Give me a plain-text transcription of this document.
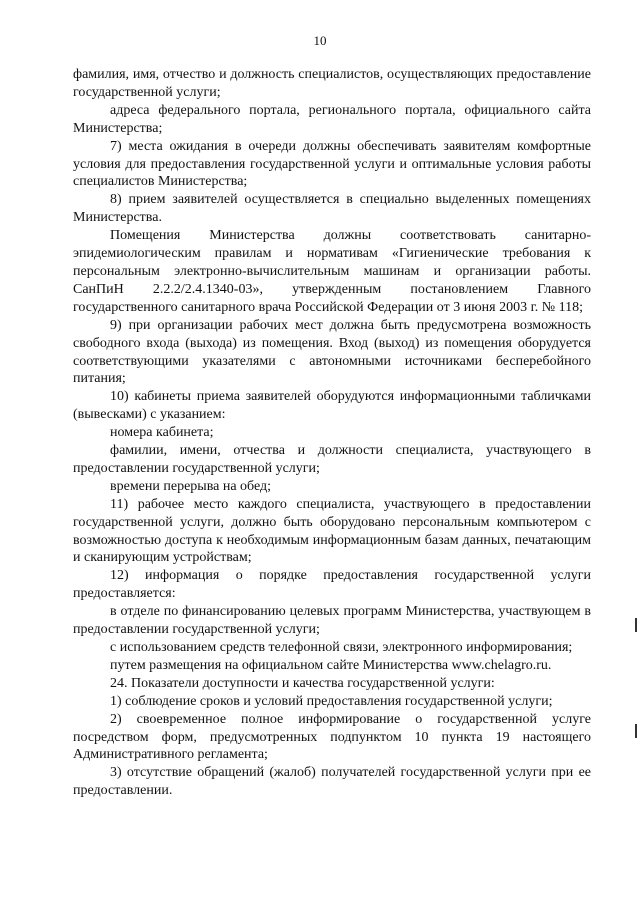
10

фамилия, имя, отчество и должность специалистов, осуществляющих предоставление государственной услуги;

адреса федерального портала, регионального портала, официального сайта Министерства;

7) места ожидания в очереди должны обеспечивать заявителям комфортные условия для предоставления государственной услуги и оптимальные условия работы специалистов Министерства;

8) прием заявителей осуществляется в специально выделенных помещениях Министерства.

Помещения Министерства должны соответствовать санитарно-эпидемиологическим правилам и нормативам «Гигиенические требования к персональным электронно-вычислительным машинам и организации работы. СанПиН 2.2.2/2.4.1340-03», утвержденным постановлением Главного государственного санитарного врача Российской Федерации от 3 июня 2003 г. № 118;

9) при организации рабочих мест должна быть предусмотрена возможность свободного входа (выхода) из помещения. Вход (выход) из помещения оборудуется соответствующими указателями с автономными источниками бесперебойного питания;

10) кабинеты приема заявителей оборудуются информационными табличками (вывесками) с указанием:

номера кабинета;

фамилии, имени, отчества и должности специалиста, участвующего в предоставлении государственной услуги;

времени перерыва на обед;

11) рабочее место каждого специалиста, участвующего в предоставлении государственной услуги, должно быть оборудовано персональным компьютером с возможностью доступа к необходимым информационным базам данных, печатающим и сканирующим устройствам;

12) информация о порядке предоставления государственной услуги предоставляется:

в отделе по финансированию целевых программ Министерства, участвующем в предоставлении государственной услуги;

с использованием средств телефонной связи, электронного информирования;

путем размещения на официальном сайте Министерства www.chelagro.ru.

24. Показатели доступности и качества государственной услуги:

1) соблюдение сроков и условий предоставления государственной услуги;

2) своевременное полное информирование о государственной услуге посредством форм, предусмотренных подпунктом 10 пункта 19 настоящего Административного регламента;

3) отсутствие обращений (жалоб) получателей государственной услуги при ее предоставлении.
